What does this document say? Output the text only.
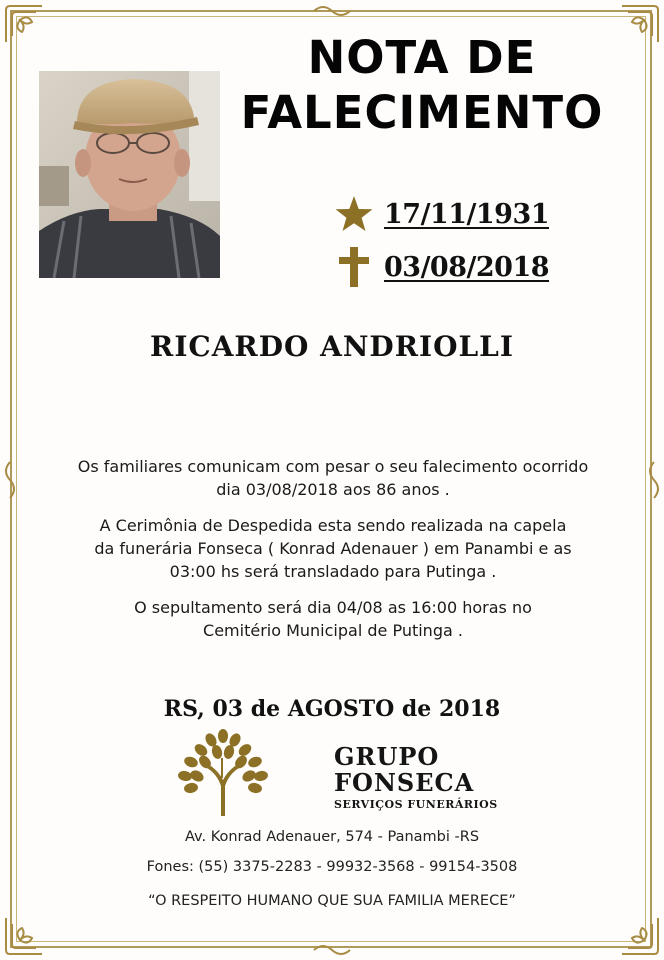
NOTA DE
FALECIMENTO
17/11/1931
03/08/2018
RICARDO ANDRIOLLI
Os familiares comunicam com pesar o seu falecimento ocorrido
dia 03/08/2018 aos 86 anos .
A Cerimônia de Despedida esta sendo realizada na capela
da funerária Fonseca ( Konrad Adenauer ) em Panambi e as
03:00 hs será transladado para Putinga .
O sepultamento será dia 04/08 as 16:00 horas no
Cemitério Municipal de Putinga .
RS, 03 de AGOSTO de 2018
GRUPO
FONSECA
SERVIÇOS FUNERÁRIOS
Av. Konrad Adenauer, 574 - Panambi -RS
Fones: (55) 3375-2283 - 99932-3568 - 99154-3508
“O RESPEITO HUMANO QUE SUA FAMILIA MERECE”
